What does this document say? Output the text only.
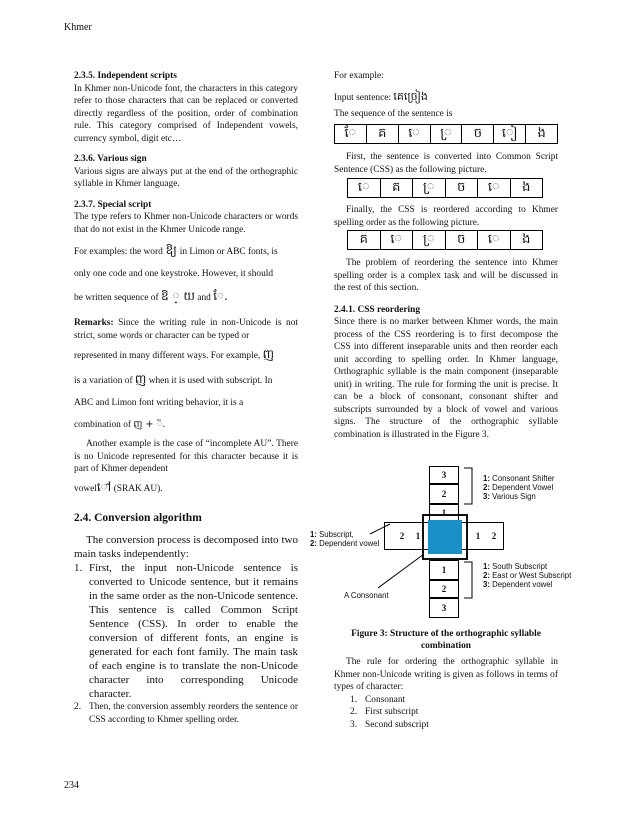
Khmer

2.3.5. Independent scripts

In Khmer non-Unicode font, the characters in this category refer to those characters that can be replaced or converted directly regardless of the position, order of combination rule. This category comprised of Independent vowels, currency symbol, digit etc…

2.3.6. Various sign

Various signs are always put at the end of the orthographic syllable in Khmer language.

2.3.7. Special script

The type refers to Khmer non-Unicode characters or words that do not exist in the Khmer Unicode range.

For examples: the word ឱ្យ in Limon or ABC fonts, is

only one code and one keystroke. However, it should

be written sequence of ឱ ្ យ and ែ.

Remarks: Since the writing rule in non-Unicode is not strict, some words or character can be typed or

represented in many different ways. For example, ញ

is a variation of ញ when it is used with subscript. In

ABC and Limon font writing behavior, it is a

combination of ញ + ៊.

Another example is the case of “incomplete AU”. There is no Unicode represented for this character because it is part of Khmer dependent

vowelៅ (SRAK AU).

2.4. Conversion algorithm

The conversion process is decomposed into two main tasks independently:

1. First, the input non-Unicode sentence is converted to Unicode sentence, but it remains in the same order as the non-Unicode sentence. This sentence is called Common Script Sentence (CSS). In order to enable the conversion of different fonts, an engine is generated for each font family. The main task of each engine is to translate the non-Unicode character into corresponding Unicode character.
2. Then, the conversion assembly reorders the sentence or CSS according to Khmer spelling order.

For example:

Input sentence: គេច្រៀង

The sequence of the sentence is

ែ	គ	េ	្រ	ច	ៀ	ង
First, the sentence is converted into Common Script Sentence (CSS) as the following picture.
េ	គ	្រ	ច	េ	ង
Finally, the CSS is reordered according to Khmer spelling order as the following picture.
គ	េ	្រ	ច	េ	ង

The problem of reordering the sentence into Khmer spelling order is a complex task and will be discussed in the rest of this section.

2.4.1. CSS reordering

Since there is no marker between Khmer words, the main process of the CSS reordering is to first decompose the CSS into different inseparable units and then reorder each unit according to spelling order. In Khmer language, Orthographic syllable is the main component (inseparable unit) in writing. The rule for forming the unit is precise. It can be a block of consonant, consonant shifter and subscripts surrounded by a block of vowel and various signs. The structure of the orthographic syllable combination is illustrated in the Figure 3.

3
2
1
2	1	1	2
1
2
3
1: Consonant Shifter
2: Dependent Vowel
3: Various Sign
1: Subscript,
2: Dependent vowel
1: South Subscript
2: East or West Subscript
3: Dependent vowel
A Consonant
Figure 3: Structure of the orthographic syllable combination

The rule for ordering the orthographic syllable in Khmer non-Unicode writing is given as follows in terms of types of character:

1. Consonant
2. First subscript
3. Second subscript
234
